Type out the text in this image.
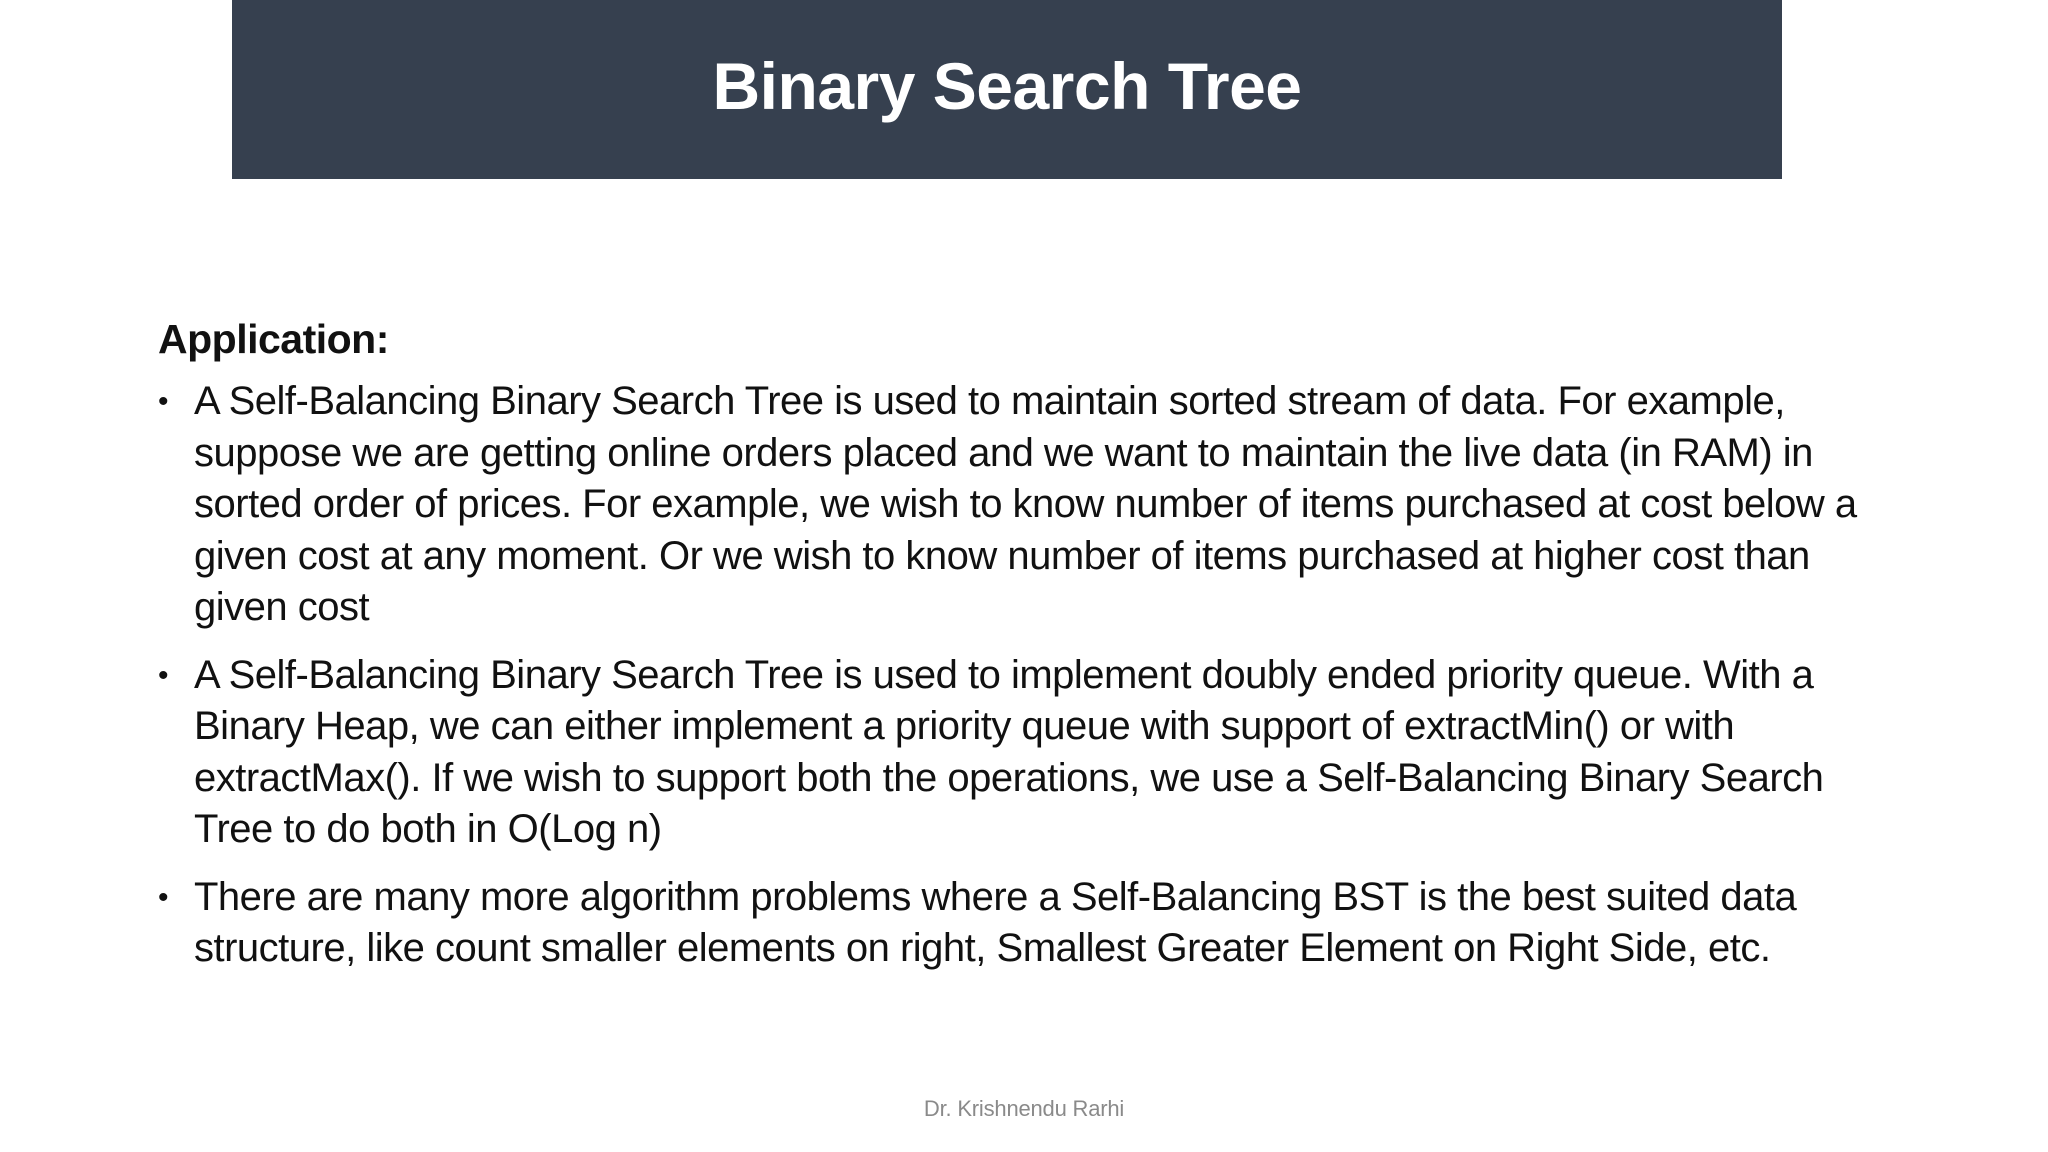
Binary Search Tree
Application:
• A Self-Balancing Binary Search Tree is used to maintain sorted stream of data. For example, suppose we are getting online orders placed and we want to maintain the live data (in RAM) in sorted order of prices. For example, we wish to know number of items purchased at cost below a given cost at any moment. Or we wish to know number of items purchased at higher cost than given cost
• A Self-Balancing Binary Search Tree is used to implement doubly ended priority queue. With a Binary Heap, we can either implement a priority queue with support of extractMin() or with extractMax(). If we wish to support both the operations, we use a Self-Balancing Binary Search Tree to do both in O(Log n)
• There are many more algorithm problems where a Self-Balancing BST is the best suited data structure, like count smaller elements on right, Smallest Greater Element on Right Side, etc.
Dr. Krishnendu Rarhi
